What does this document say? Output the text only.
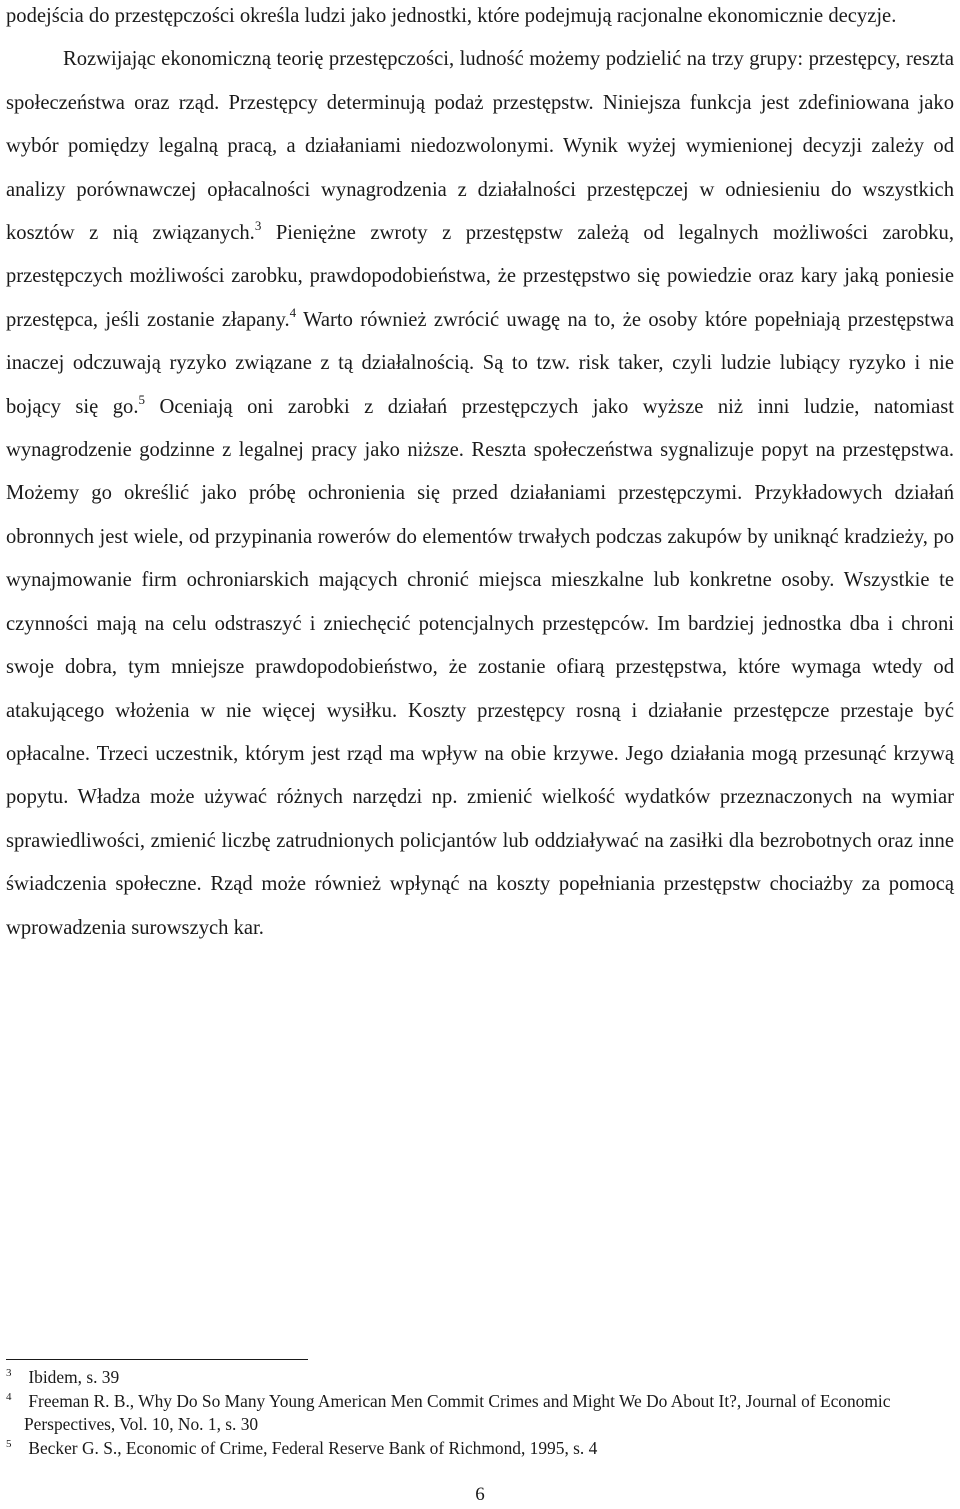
podejścia do przestępczości określa ludzi jako jednostki, które podejmują racjonalne ekonomicznie decyzje.

Rozwijając ekonomiczną teorię przestępczości, ludność możemy podzielić na trzy grupy: przestępcy, reszta społeczeństwa oraz rząd. Przestępcy determinują podaż przestępstw. Niniejsza funkcja jest zdefiniowana jako wybór pomiędzy legalną pracą, a działaniami niedozwolonymi. Wynik wyżej wymienionej decyzji zależy od analizy porównawczej opłacalności wynagrodzenia z działalności przestępczej w odniesieniu do wszystkich kosztów z nią związanych.$^3$ Pieniężne zwroty z przestępstw zależą od legalnych możliwości zarobku, przestępczych możliwości zarobku, prawdopodobieństwa, że przestępstwo się powiedzie oraz kary jaką poniesie przestępca, jeśli zostanie złapany.$^4$ Warto również zwrócić uwagę na to, że osoby które popełniają przestępstwa inaczej odczuwają ryzyko związane z tą działalnością. Są to tzw. risk taker, czyli ludzie lubiący ryzyko i nie bojący się go.$^5$ Oceniają oni zarobki z działań przestępczych jako wyższe niż inni ludzie, natomiast wynagrodzenie godzinne z legalnej pracy jako niższe. Reszta społeczeństwa sygnalizuje popyt na przestępstwa. Możemy go określić jako próbę ochronienia się przed działaniami przestępczymi. Przykładowych działań obronnych jest wiele, od przypinania rowerów do elementów trwałych podczas zakupów by uniknąć kradzieży, po wynajmowanie firm ochroniarskich mających chronić miejsca mieszkalne lub konkretne osoby. Wszystkie te czynności mają na celu odstraszyć i zniechęcić potencjalnych przestępców. Im bardziej jednostka dba i chroni swoje dobra, tym mniejsze prawdopodobieństwo, że zostanie ofiarą przestępstwa, które wymaga wtedy od atakującego włożenia w nie więcej wysiłku. Koszty przestępcy rosną i działanie przestępcze przestaje być opłacalne. Trzeci uczestnik, którym jest rząd ma wpływ na obie krzywe. Jego działania mogą przesunąć krzywą popytu. Władza może używać różnych narzędzi np. zmienić wielkość wydatków przeznaczonych na wymiar sprawiedliwości, zmienić liczbę zatrudnionych policjantów lub oddziaływać na zasiłki dla bezrobotnych oraz inne świadczenia społeczne. Rząd może również wpłynąć na koszty popełniania przestępstw chociażby za pomocą wprowadzenia surowszych kar.

$^3$ Ibidem, s. 39

$^4$ Freeman R. B., Why Do So Many Young American Men Commit Crimes and Might We Do About It?, Journal of Economic Perspectives, Vol. 10, No. 1, s. 30

$^5$ Becker G. S., Economic of Crime, Federal Reserve Bank of Richmond, 1995, s. 4

6
